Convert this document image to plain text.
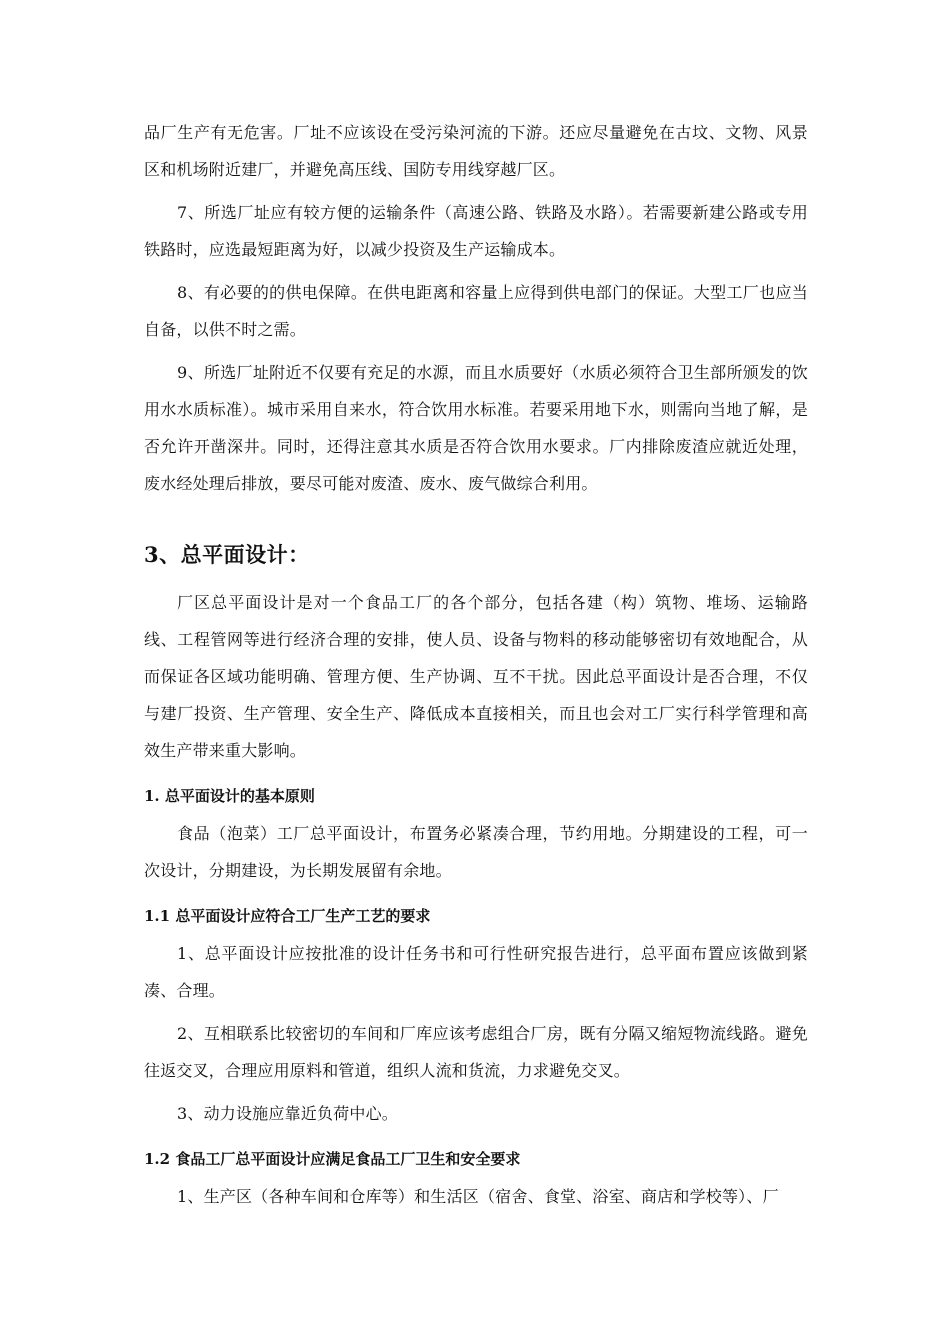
品厂生产有无危害。厂址不应该设在受污染河流的下游。还应尽量避免在古坟、文物、风景区和机场附近建厂，并避免高压线、国防专用线穿越厂区。

7、所选厂址应有较方便的运输条件（高速公路、铁路及水路）。若需要新建公路或专用铁路时，应选最短距离为好，以减少投资及生产运输成本。

8、有必要的的供电保障。在供电距离和容量上应得到供电部门的保证。大型工厂也应当自备，以供不时之需。

9、所选厂址附近不仅要有充足的水源，而且水质要好（水质必须符合卫生部所颁发的饮用水水质标准）。城市采用自来水，符合饮用水标准。若要采用地下水，则需向当地了解，是否允许开凿深井。同时，还得注意其水质是否符合饮用水要求。厂内排除废渣应就近处理，废水经处理后排放，要尽可能对废渣、废水、废气做综合利用。

3、总平面设计：

厂区总平面设计是对一个食品工厂的各个部分，包括各建（构）筑物、堆场、运输路线、工程管网等进行经济合理的安排，使人员、设备与物料的移动能够密切有效地配合，从而保证各区域功能明确、管理方便、生产协调、互不干扰。因此总平面设计是否合理，不仅与建厂投资、生产管理、安全生产、降低成本直接相关，而且也会对工厂实行科学管理和高效生产带来重大影响。

1. 总平面设计的基本原则

食品（泡菜）工厂总平面设计，布置务必紧凑合理，节约用地。分期建设的工程，可一次设计，分期建设，为长期发展留有余地。

1.1 总平面设计应符合工厂生产工艺的要求

1、总平面设计应按批准的设计任务书和可行性研究报告进行，总平面布置应该做到紧凑、合理。

2、互相联系比较密切的车间和厂库应该考虑组合厂房，既有分隔又缩短物流线路。避免往返交叉，合理应用原料和管道，组织人流和货流，力求避免交叉。

3、动力设施应靠近负荷中心。

1.2 食品工厂总平面设计应满足食品工厂卫生和安全要求

1、生产区（各种车间和仓库等）和生活区（宿舍、食堂、浴室、商店和学校等）、厂
